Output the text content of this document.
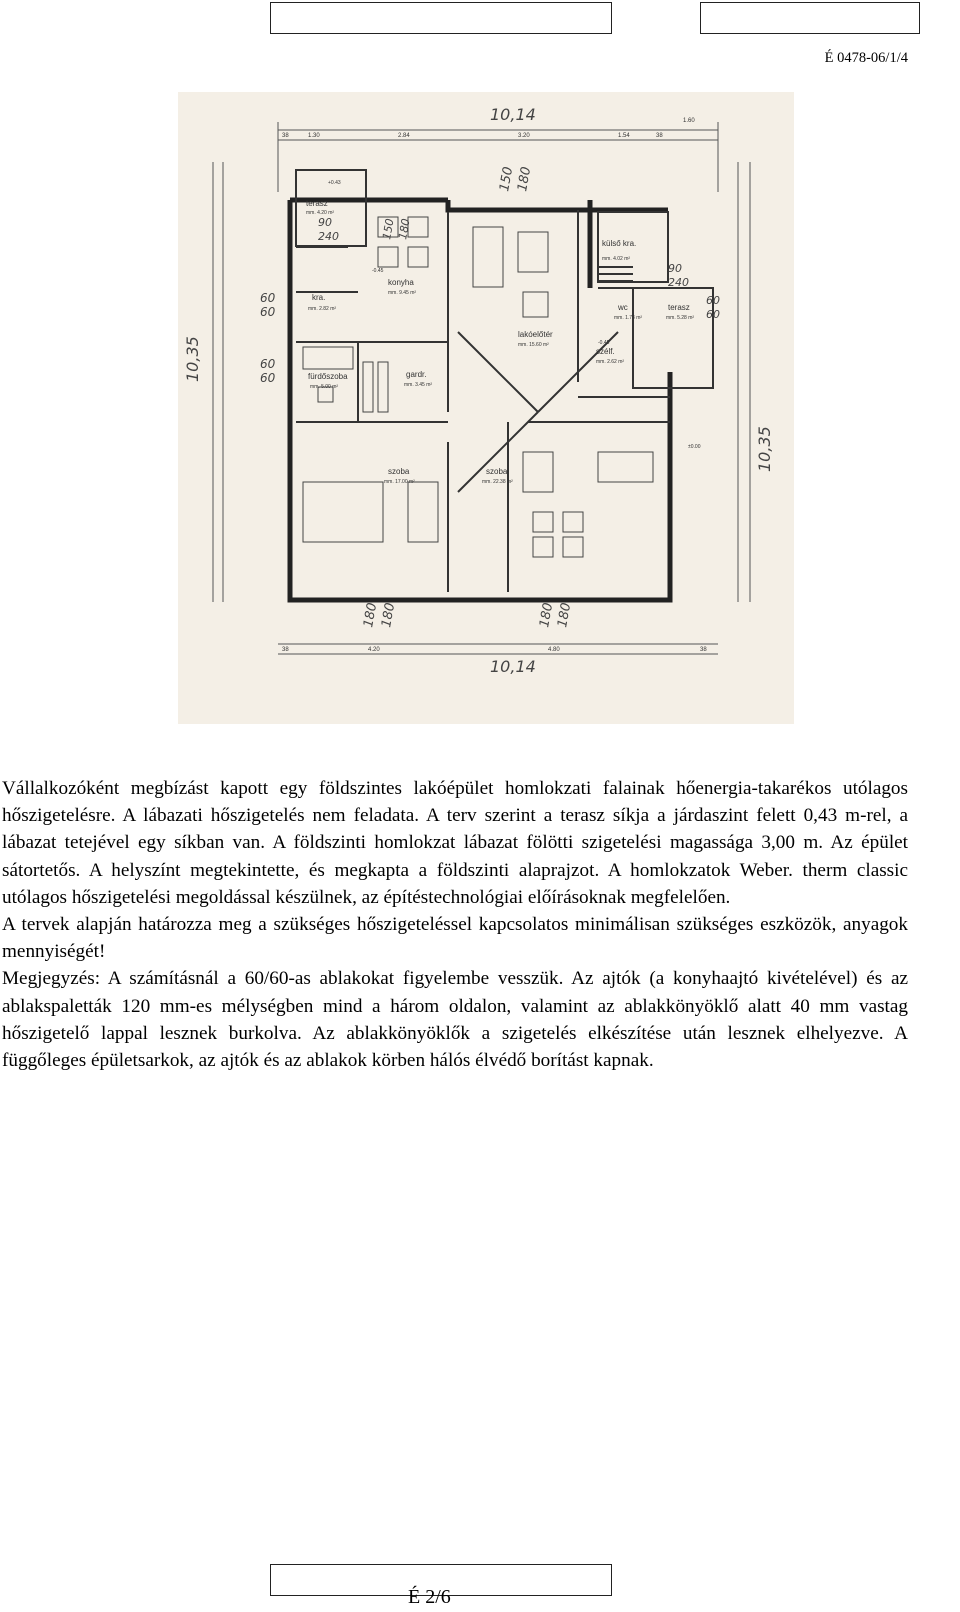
É 0478-06/1/4
38	1.30	2.84	3.20	1.54	38
1.60
10,14
10,14
38	4.20	4.80	38
10,35
10,35
terasz
mm. 4.20 m²
90
240
konyha
mm. 9.45 m²
-0.45
kra.
mm. 2.82 m²
fürdőszoba
mm. 5.00 m²
gardr.
mm. 3.45 m²
lakóelőtér
mm. 15.60 m²
külső kra.
mm. 4.02 m²
wc
mm. 1.73 m²
terasz
mm. 5.28 m²
szélf.
mm. 2.62 m²
-0.45
szoba
mm. 17.00 m²
szoba
mm. 22.38 m²
150
180
150 180
60
60
60
60
90
240
60
60
180
180	180
180
+0.43
±0.00

Vállalkozóként megbízást kapott egy földszintes lakóépület homlokzati falainak hőenergia-takarékos utólagos hőszigetelésre. A lábazati hőszigetelés nem feladata. A terv szerint a terasz síkja a járdaszint felett 0,43 m-rel, a lábazat tetejével egy síkban van. A földszinti homlokzat lábazat fölötti szigetelési magassága 3,00 m. Az épület sátortetős. A helyszínt megtekintette, és megkapta a földszinti alaprajzot. A homlokzatok Weber. therm classic utólagos hőszigetelési megoldással készülnek, az építéstechnológiai előírásoknak megfelelően.

A tervek alapján határozza meg a szükséges hőszigeteléssel kapcsolatos minimálisan szükséges eszközök, anyagok mennyiségét!

Megjegyzés: A számításnál a 60/60-as ablakokat figyelembe vesszük. Az ajtók (a konyhaajtó kivételével) és az ablakspaletták 120 mm-es mélységben mind a három oldalon, valamint az ablakkönyöklő alatt 40 mm vastag hőszigetelő lappal lesznek burkolva. Az ablakkönyöklők a szigetelés elkészítése után lesznek elhelyezve. A függőleges épületsarkok, az ajtók és az ablakok körben hálós élvédő borítást kapnak.

É 2/6
